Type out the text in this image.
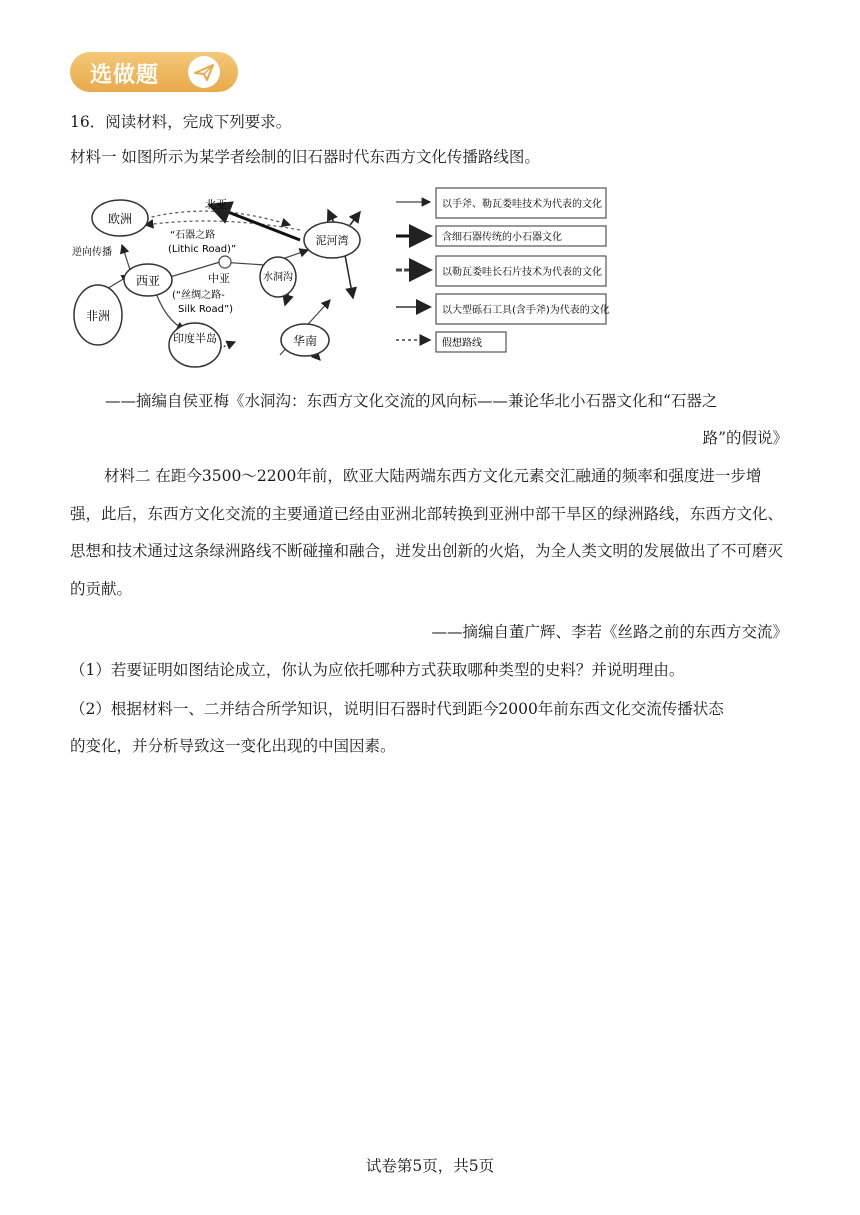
选做题
16．阅读材料，完成下列要求。
材料一 如图所示为某学者绘制的旧石器时代东西方文化传播路线图。
欧洲
西亚
非洲
印度半岛
水洞沟
泥河湾
华南
北亚
“石器之路
(Lithic Road)”
中亚
(“丝绸之路-
Silk Road”)
逆向传播
以手斧、勒瓦娄哇技术为代表的文化
含细石器传统的小石器文化
以勒瓦娄哇长石片技术为代表的文化
以大型砾石工具(含手斧)为代表的文化
假想路线
——摘编自侯亚梅《水洞沟：东西方文化交流的风向标——兼论华北小石器文化和“石器之
路”的假说》
材料二 在距今3500～2200年前，欧亚大陆两端东西方文化元素交汇融通的频率和强度进一步增强，此后，东西方文化交流的主要通道已经由亚洲北部转换到亚洲中部干旱区的绿洲路线，东西方文化、思想和技术通过这条绿洲路线不断碰撞和融合，迸发出创新的火焰，为全人类文明的发展做出了不可磨灭的贡献。
——摘编自董广辉、李若《丝路之前的东西方交流》
（1）若要证明如图结论成立，你认为应依托哪种方式获取哪种类型的史料？并说明理由。
（2）根据材料一、二并结合所学知识，说明旧石器时代到距今2000年前东西文化交流传播状态
的变化，并分析导致这一变化出现的中国因素。
试卷第5页，共5页
